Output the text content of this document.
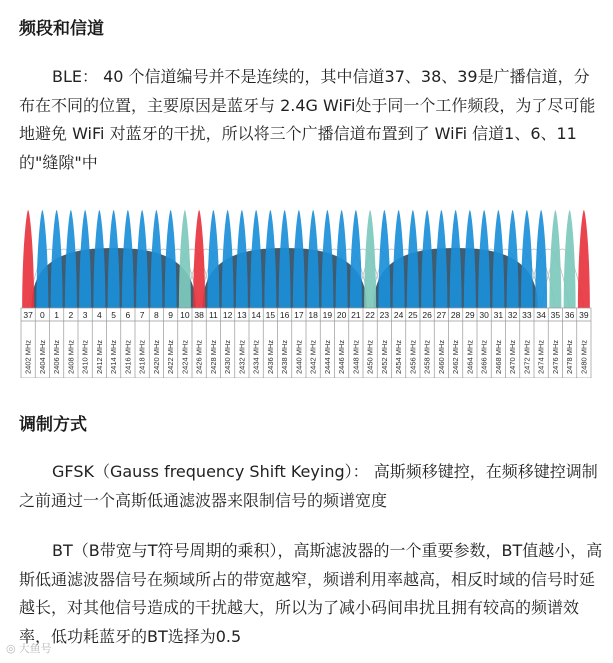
频段和信道

BLE： 40 个信道编号并不是连续的，其中信道37、38、39是广播信道，分布在不同的位置，主要原因是蓝牙与 2.4G WiFi处于同一个工作频段，为了尽可能地避免 WiFi 对蓝牙的干扰，所以将三个广播信道布置到了 WiFi 信道1、6、11 的"缝隙"中

37
2402 MHz
0
2404 MHz
1
2406 MHz
2
2408 MHz
3
2410 MHz
4
2412 MHz
5
2414 MHz
6
2416 MHz
7
2418 MHz
8
2420 MHz
9
2422 MHz
10
2424 MHz
38
2426 MHz
11
2428 MHz
12
2430 MHz
13
2432 MHz
14
2434 MHz
15
2436 MHz
16
2438 MHz
17
2440 MHz
18
2442 MHz
19
2444 MHz
20
2446 MHz
21
2448 MHz
22
2450 MHz
23
2452 MHz
24
2454 MHz
25
2456 MHz
26
2458 MHz
27
2460 MHz
28
2462 MHz
29
2464 MHz
30
2466 MHz
31
2468 MHz
32
2470 MHz
33
2472 MHz
34
2474 MHz
35
2476 MHz
36
2478 MHz
39
2480 MHz
调制方式

GFSK（Gauss frequency Shift Keying）： 高斯频移键控，在频移键控调制之前通过一个高斯低通滤波器来限制信号的频谱宽度

BT（B带宽与T符号周期的乘积），高斯滤波器的一个重要参数，BT值越小，高斯低通滤波器信号在频域所占的带宽越窄，频谱利用率越高，相反时域的信号时延越长，对其他信号造成的干扰越大，所以为了减小码间串扰且拥有较高的频谱效率，低功耗蓝牙的BT选择为0.5

◎ 大鱼号
